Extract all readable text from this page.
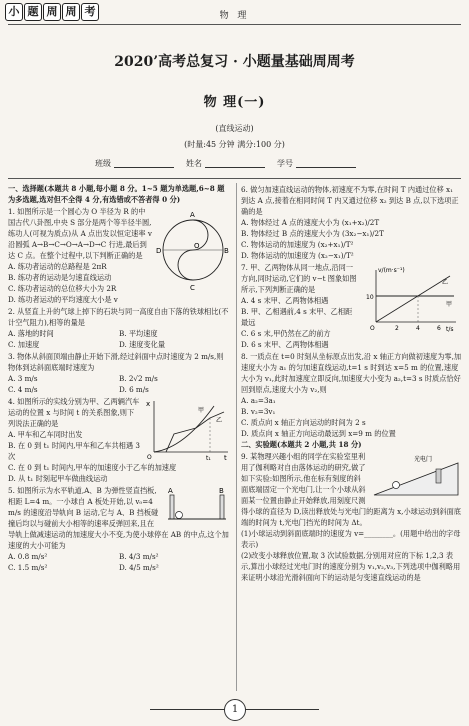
小 题 周 周 考	物 理
2020’高考总复习 · 小题量基础周周考
物 理(一)
(直线运动)
(时量:45 分钟 满分:100 分)
班级	姓名	学号

一、选择题(本题共 8 小题,每小题 8 分。1~5 题为单选题,6~8 题为多选题,选对但不全得 4 分,有选错或不答者得 0 分)

A
D	B
O
C

1. 如图所示是一个圆心为 O 半径为 R 的中国古代八卦图,中央 S 部分是两个等半径半圆,练功人(可视为质点)从 A 点出发以恒定速率 v 沿圆弧 A→B→C→O→A→D→C 行进,最后到达 C 点。在整个过程中,以下判断正确的是

A. 练功者运动的总路程是 2πR
B. 练功者的运动是匀速直线运动
C. 练功者运动的总位移大小为 2R
D. 练功者运动的平均速度大小是 v

2. 从竖直上升的气球上掉下的石块与同一高度自由下落的铁球相比(不计空气阻力),相等的量是

A. 落地的时间	B. 平均速度
C. 加速度	D. 速度变化量

3. 物体从斜面顶端由静止开始下滑,经过斜面中点时速度为 2 m/s,则物体到达斜面底端时速度为

A. 3 m/s	B. 2√2 m/s
C. 4 m/s	D. 6 m/s
x
t
O	t₁
甲
乙

4. 如图所示的实线分别为甲、乙两辆汽车运动的位置 x 与时间 t 的关系图象,则下列说法正确的是

A. 甲车和乙车同时出发
B. 在 0 到 t₁ 时间内,甲车和乙车共相遇 3 次
C. 在 0 到 t₁ 时间内,甲车的加速度小于乙车的加速度
D. 从 t₁ 时刻起甲车做曲线运动
A	B

5. 如图所示为水平轨道,A、B 为弹性竖直挡板,相距 L=4 m。一小球自 A 板处开始,以 v₀=4 m/s 的速度沿导轨向 B 运动,它与 A、B 挡板碰撞后均以与碰前大小相等的速率反弹回来,且在导轨上做减速运动的加速度大小不变,为使小球停在 AB 的中点,这个加速度的大小可能为

A. 0.8 m/s²	B. 4/3 m/s²
C. 1.5 m/s²	D. 4/5 m/s²

6. 做匀加速直线运动的物体,初速度不为零,在时间 T 内通过位移 x₁ 到达 A 点,接着在相同时间 T 内又通过位移 x₂ 到达 B 点,以下选项正确的是

A. 物体经过 A 点的速度大小为 (x₁+x₂)/2T
B. 物体经过 B 点的速度大小为 (3x₂−x₁)/2T
C. 物体运动的加速度为 (x₂+x₁)/T²
D. 物体运动的加速度为 (x₂−x₁)/T²
v/(m·s⁻¹)
t/s
10
O	2	4	6
乙
甲

7. 甲、乙两物体从同一地点,沿同一方向,同时运动,它们的 v−t 图象如图所示,下列判断正确的是

A. 4 s 末甲、乙两物体相遇
B. 甲、乙相遇前,4 s 末甲、乙相距最远
C. 6 s 末,甲仍然在乙的前方
D. 6 s 末甲、乙两物体相遇

8. 一质点在 t=0 时刻从坐标原点出发,沿 x 轴正方向做初速度为零,加速度大小为 a₁ 的匀加速直线运动,t=1 s 时到达 x=5 m 的位置,速度大小为 v₁,此时加速度立即反向,加速度大小变为 a₂,t=3 s 时质点恰好回到原点,速度大小为 v₂,则

A. a₂=3a₁
B. v₂=3v₁
C. 质点向 x 轴正方向运动的时间为 2 s
D. 质点向 x 轴正方向运动最远到 x=9 m 的位置

二、实验题(本题共 2 小题,共 18 分)

光电门

9. 某物理兴趣小组的同学在实验室里利用了伽利略对自由落体运动的研究,做了如下实验:如图所示,他在标有刻度的斜面底端固定一个光电门,让一个小球从斜面某一位置由静止开始释放,用刻度尺测得小球的直径为 D,读出释放处与光电门的距离为 x,小球运动到斜面底端的时间为 t,光电门挡光的时间为 Δt。

(1)小球运动到斜面底端时的速度为 v=________。(用题中给出的字母表示)

(2)改变小球释放位置,取 3 次试验数据,分别用对应的下标 1,2,3 表示,算出小球经过光电门时的速度分别为 v₁,v₂,v₃,下列选项中伽利略用来证明小球沿光滑斜面向下的运动是匀变速直线运动的是

1
